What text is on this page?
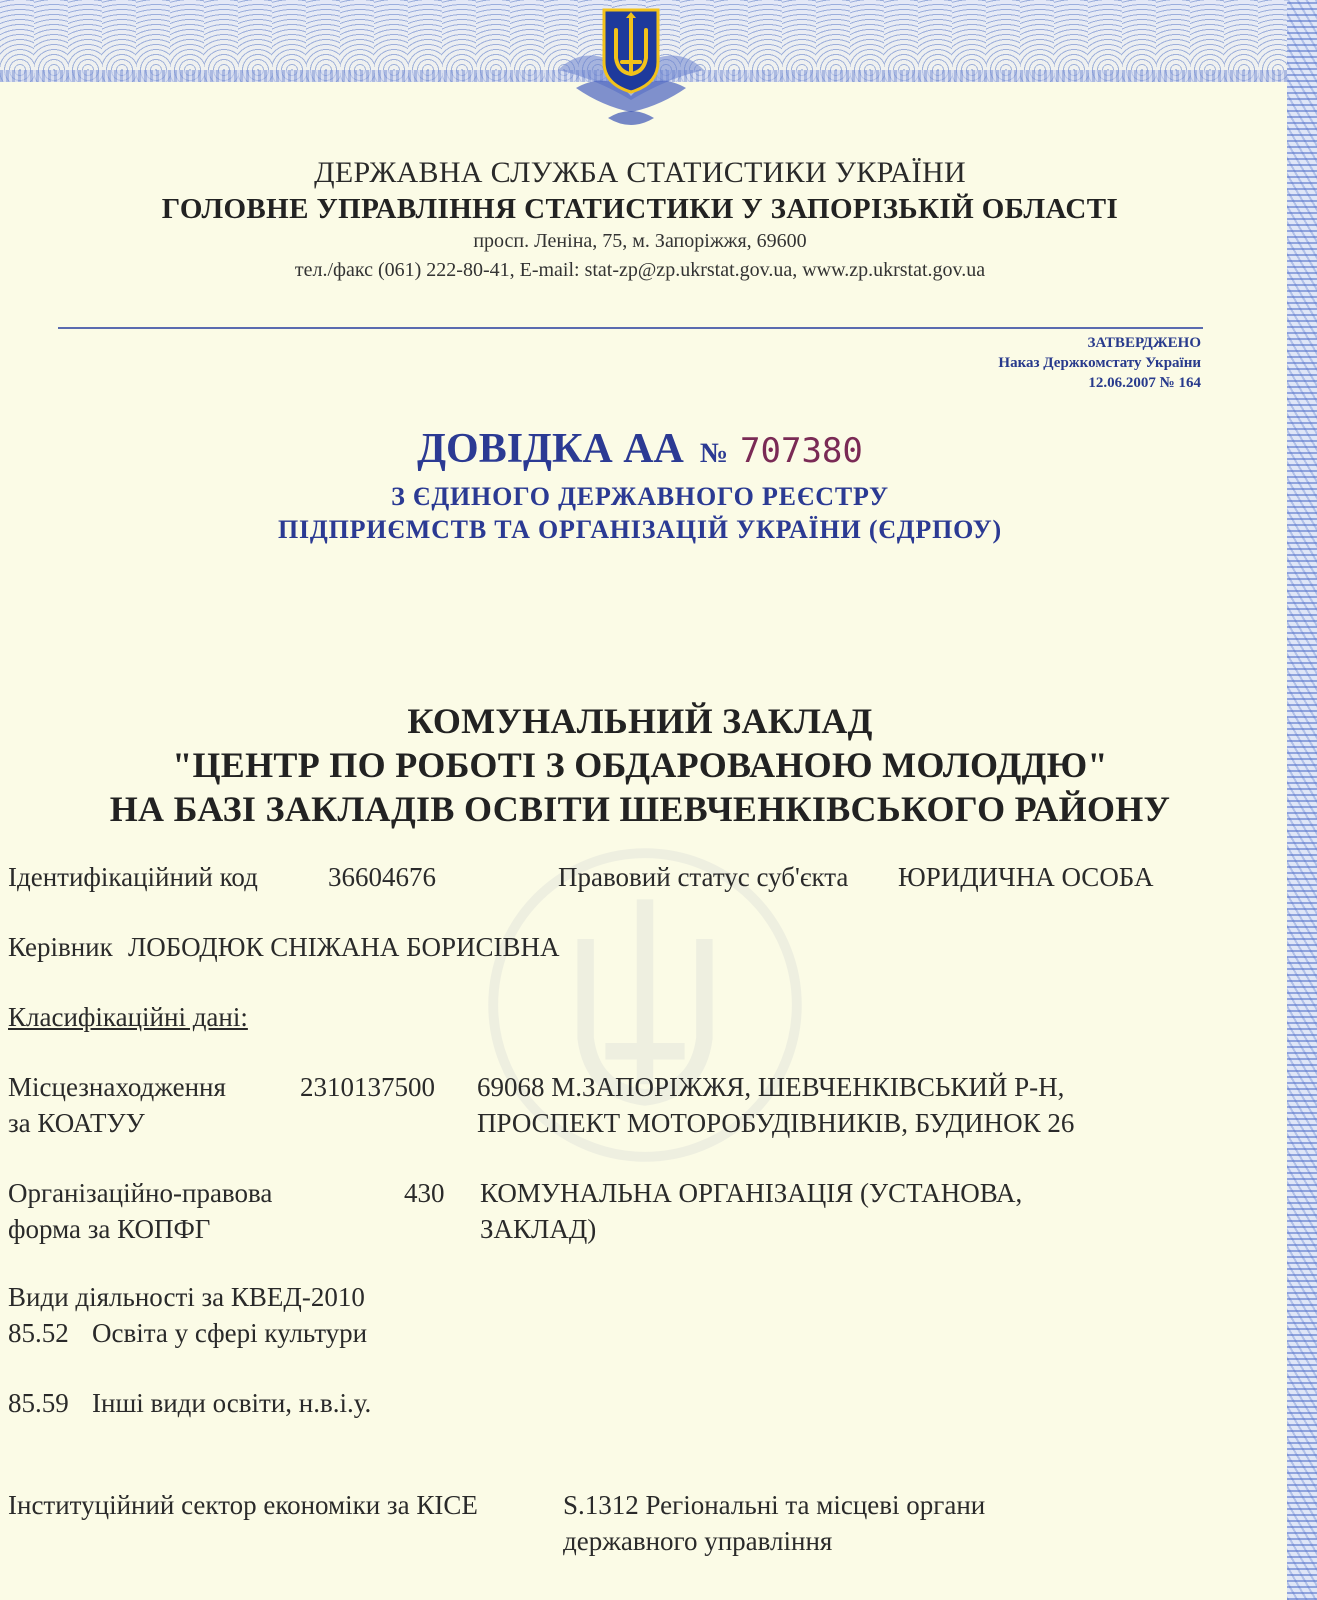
ДЕРЖАВНА СЛУЖБА СТАТИСТИКИ УКРАЇНИ
ГОЛОВНЕ УПРАВЛІННЯ СТАТИСТИКИ У ЗАПОРІЗЬКІЙ ОБЛАСТІ
просп. Леніна, 75, м. Запоріжжя, 69600
тел./факс (061) 222-80-41, E-mail: stat-zp@zp.ukrstat.gov.ua, www.zp.ukrstat.gov.ua
ЗАТВЕРДЖЕНО
Наказ Держкомстату України
12.06.2007 № 164
ДОВІДКА АА № 707380
З ЄДИНОГО ДЕРЖАВНОГО РЕЄСТРУ
ПІДПРИЄМСТВ ТА ОРГАНІЗАЦІЙ УКРАЇНИ (ЄДРПОУ)
КОМУНАЛЬНИЙ ЗАКЛАД
"ЦЕНТР ПО РОБОТІ З ОБДАРОВАНОЮ МОЛОДДЮ"
НА БАЗІ ЗАКЛАДІВ ОСВІТИ ШЕВЧЕНКІВСЬКОГО РАЙОНУ
Ідентифікаційний код	36604676	Правовий статус суб'єкта ЮРИДИЧНА ОСОБА
Керівник ЛОБОДЮК СНІЖАНА БОРИСІВНА
Класифікаційні дані:
Місцезнаходження
за КОАТУУ
2310137500 69068 М.ЗАПОРІЖЖЯ, ШЕВЧЕНКІВСЬКИЙ Р-Н,
ПРОСПЕКТ МОТОРОБУДІВНИКІВ, БУДИНОК 26
Організаційно-правова
форма за КОПФГ
430 КОМУНАЛЬНА ОРГАНІЗАЦІЯ (УСТАНОВА,
ЗАКЛАД)
Види діяльності за КВЕД-2010
85.52 Освіта у сфері культури
85.59 Інші види освіти, н.в.і.у.
Інституційний сектор економіки за КІСЕ	S.1312 Регіональні та місцеві органи
державного управління
